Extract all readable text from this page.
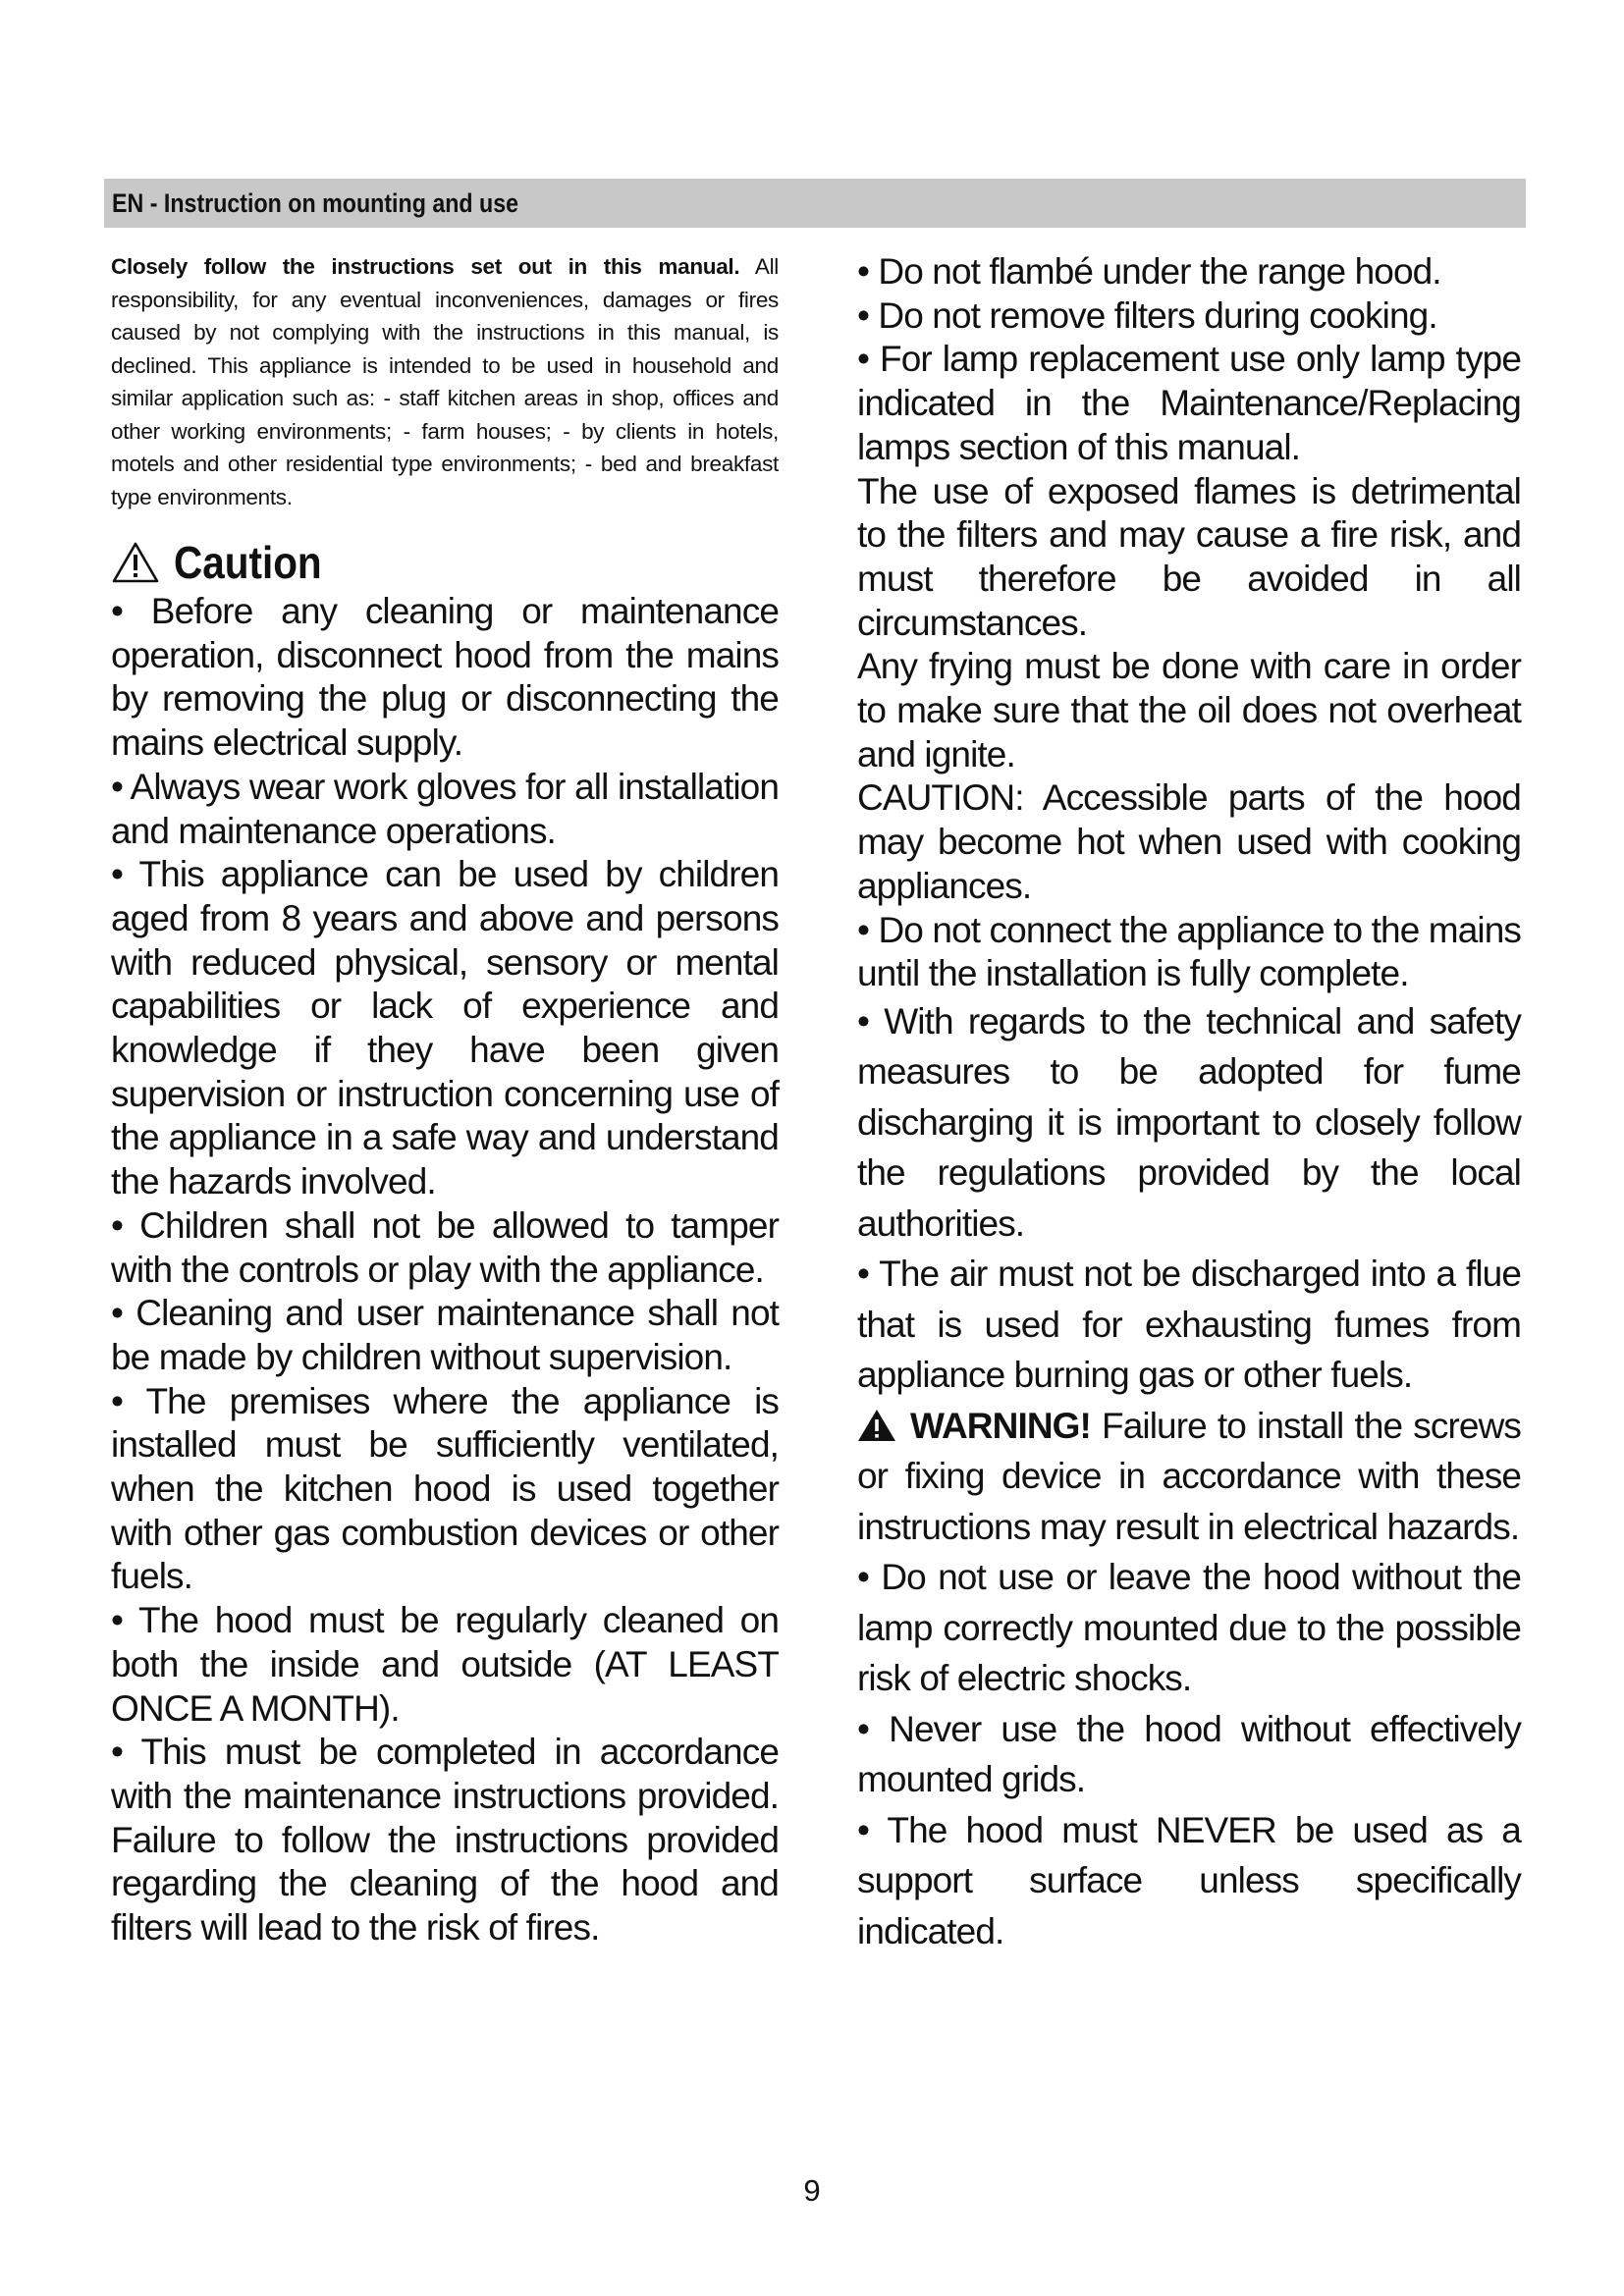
EN - Instruction on mounting and use

Closely follow the instructions set out in this manual. All responsibility, for any eventual inconveniences, damages or fires caused by not complying with the instructions in this manual, is declined. This appliance is intended to be used in household and similar application such as: - staff kitchen areas in shop, offices and other working environments; - farm houses; - by clients in hotels, motels and other residential type environments; - bed and breakfast type environments.

Caution

• Before any cleaning or maintenance operation, disconnect hood from the mains by removing the plug or disconnecting the mains electrical supply.

• Always wear work gloves for all installation and maintenance operations.

• This appliance can be used by children aged from 8 years and above and persons with reduced physical, sensory or mental capabilities or lack of experience and knowledge if they have been given supervision or instruction concerning use of the appliance in a safe way and understand the hazards involved.

• Children shall not be allowed to tamper with the controls or play with the appliance.

• Cleaning and user maintenance shall not be made by children without supervision.

• The premises where the appliance is installed must be sufficiently ventilated, when the kitchen hood is used together with other gas combustion devices or other fuels.

• The hood must be regularly cleaned on both the inside and outside (AT LEAST ONCE A MONTH).

• This must be completed in accordance with the maintenance instructions provided. Failure to follow the instructions provided regarding the cleaning of the hood and filters will lead to the risk of fires.

• Do not flambé under the range hood.

• Do not remove filters during cooking.

• For lamp replacement use only lamp type indicated in the Maintenance/Replacing lamps section of this manual.

The use of exposed flames is detrimental to the filters and may cause a fire risk, and must therefore be avoided in all circumstances.

Any frying must be done with care in order to make sure that the oil does not overheat and ignite.

CAUTION: Accessible parts of the hood may become hot when used with cooking appliances.

• Do not connect the appliance to the mains until the installation is fully complete.

• With regards to the technical and safety measures to be adopted for fume discharging it is important to closely follow the regulations provided by the local authorities.

• The air must not be discharged into a flue that is used for exhausting fumes from appliance burning gas or other fuels.

WARNING! Failure to install the screws or fixing device in accordance with these instructions may result in electrical hazards.

• Do not use or leave the hood without the lamp correctly mounted due to the possible risk of electric shocks.

• Never use the hood without effectively mounted grids.

• The hood must NEVER be used as a support surface unless specifically indicated.

9
